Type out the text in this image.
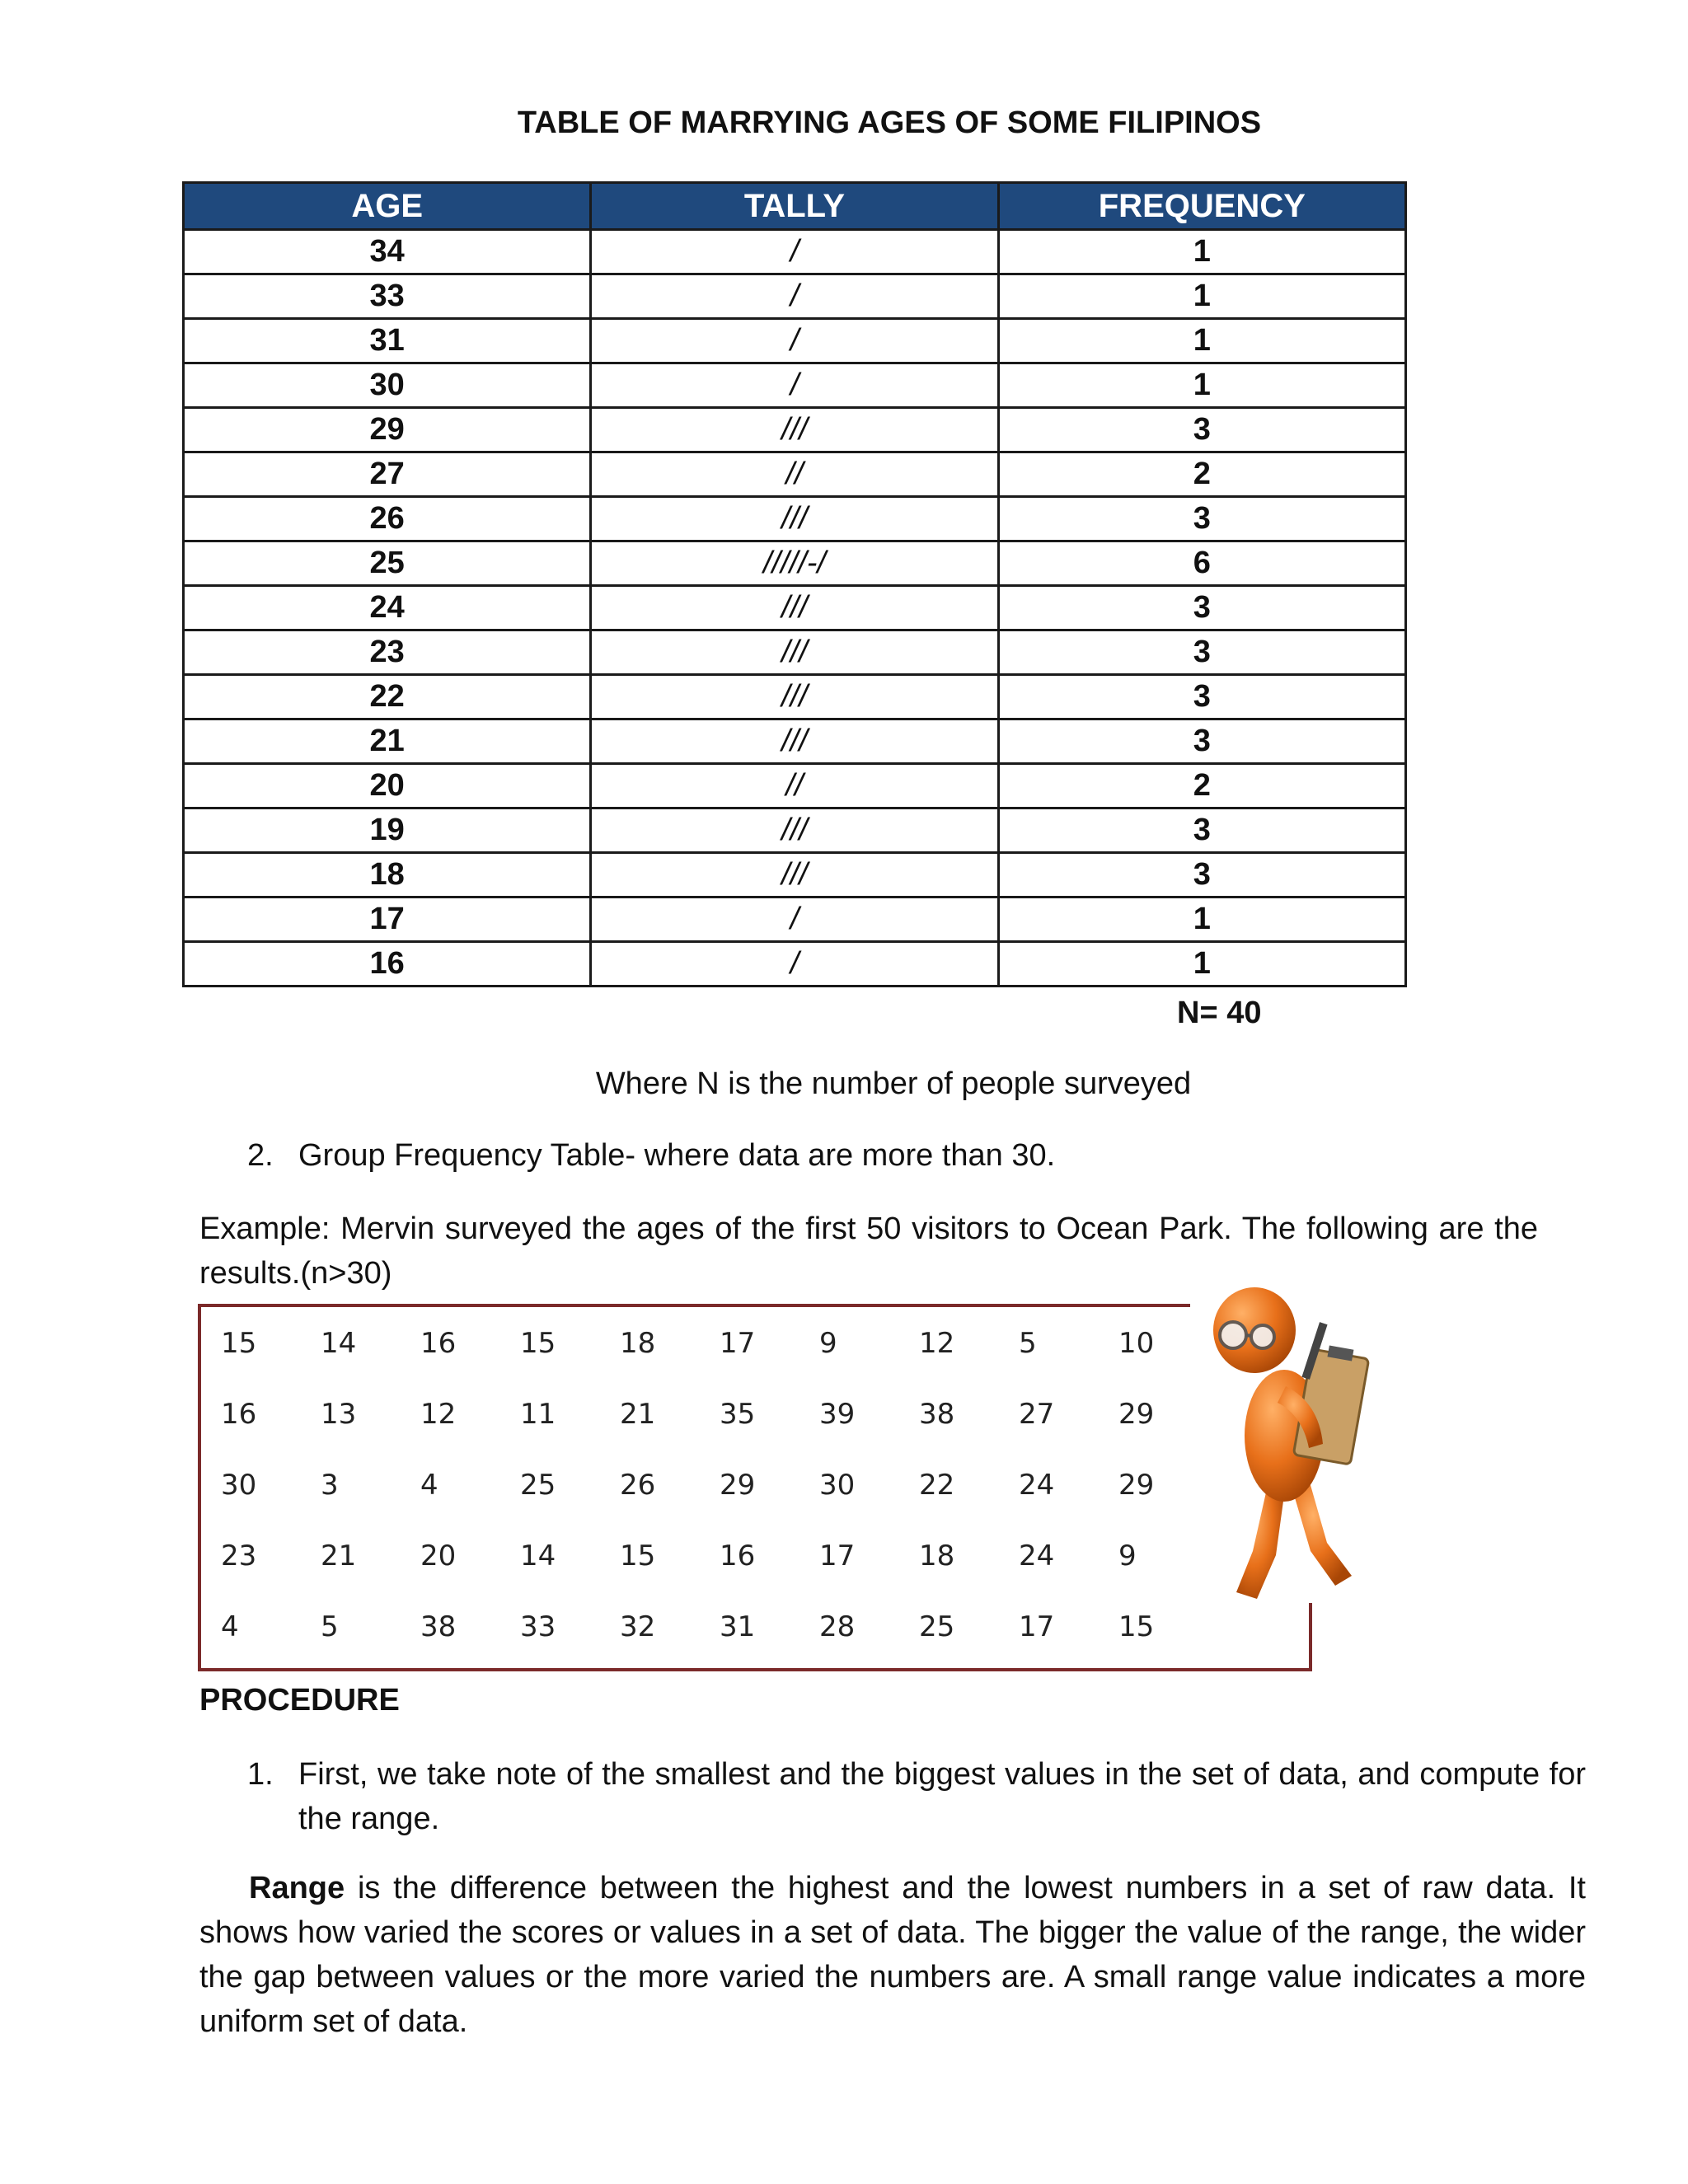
TABLE OF MARRYING AGES OF SOME FILIPINOS
AGE	TALLY	FREQUENCY
34	/	1
33	/	1
31	/	1
30	/	1
29	///	3
27	//	2
26	///	3
25	/////-/	6
24	///	3
23	///	3
22	///	3
21	///	3
20	//	2
19	///	3
18	///	3
17	/	1
16	/	1
N= 40
Where N is the number of people surveyed
2. Group Frequency Table- where data are more than 30.
Example: Mervin surveyed the ages of the first 50 visitors to Ocean Park. The following are the results.(n>30)
15	14	16	15	18	17	9	12	5	10
16	13	12	11	21	35	39	38	27	29
30	3	4	25	26	29	30	22	24	29
23	21	20	14	15	16	17	18	24	9
4	5	38	33	32	31	28	25	17	15
PROCEDURE
1. First, we take note of the smallest and the biggest values in the set of data, and compute for the range.
Range is the difference between the highest and the lowest numbers in a set of raw data. It shows how varied the scores or values in a set of data. The bigger the value of the range, the wider the gap between values or the more varied the numbers are. A small range value indicates a more uniform set of data.
